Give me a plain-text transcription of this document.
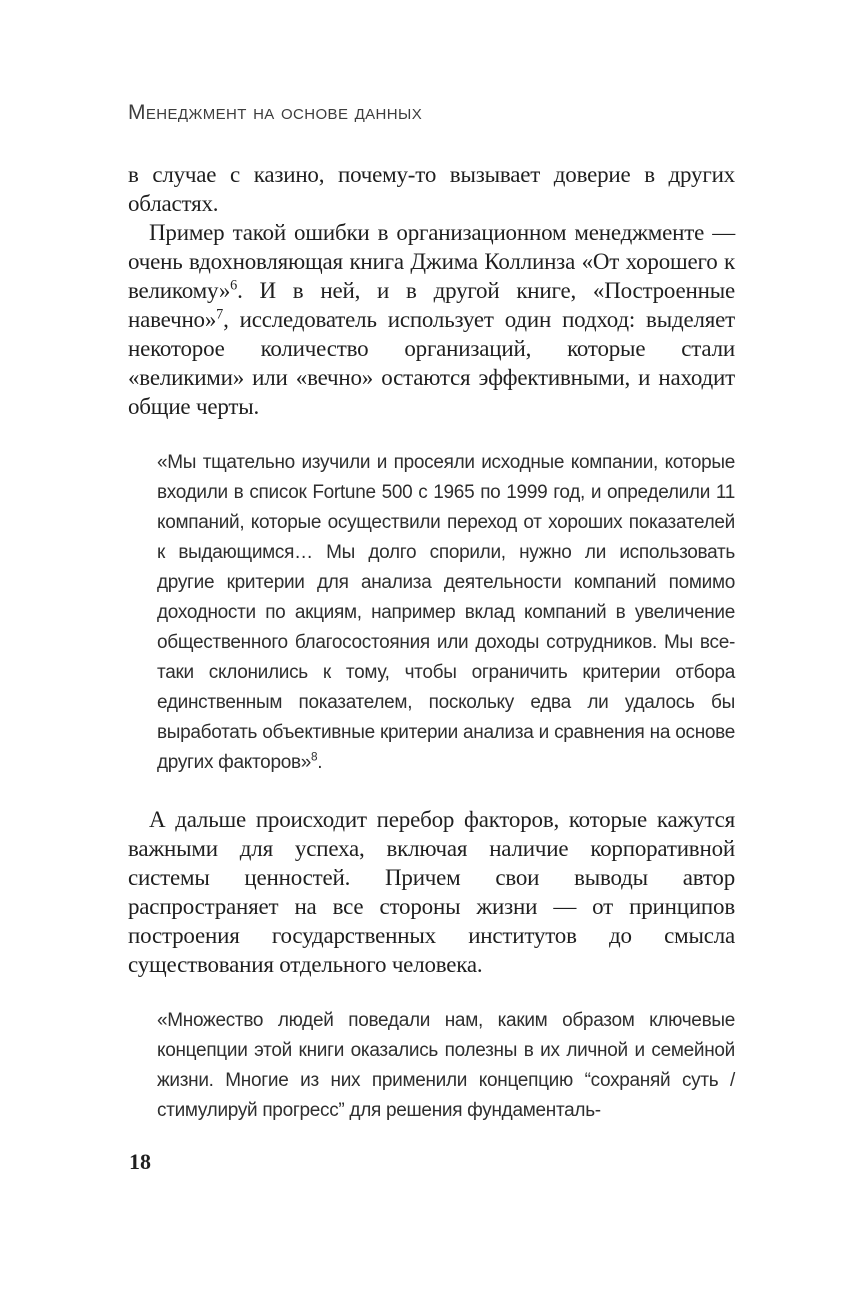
Менеджмент на основе данных

в случае с казино, почему-то вызывает доверие в других областях.

Пример такой ошибки в организационном менеджменте — очень вдохновляющая книга Джима Коллинза «От хорошего к великому»$^6$. И в ней, и в другой книге, «Построенные навечно»$^7$, исследователь использует один подход: выделяет некоторое количество организаций, которые стали «великими» или «вечно» остаются эффективными, и находит общие черты.

«Мы тщательно изучили и просеяли исходные компании, которые входили в список Fortune 500 с 1965 по 1999 год, и определили 11 компаний, которые осуществили переход от хороших показателей к выдающимся… Мы долго спорили, нужно ли использовать другие критерии для анализа деятельности компаний помимо доходности по акциям, например вклад компаний в увеличение общественного благосостояния или доходы сотрудников. Мы все-таки склонились к тому, чтобы ограничить критерии отбора единственным показателем, поскольку едва ли удалось бы выработать объективные критерии анализа и сравнения на основе других факторов»$^8$.

А дальше происходит перебор факторов, которые кажутся важными для успеха, включая наличие корпоративной системы ценностей. Причем свои выводы автор распространяет на все стороны жизни — от принципов построения государственных институтов до смысла существования отдельного человека.

«Множество людей поведали нам, каким образом ключевые концепции этой книги оказались полезны в их личной и семейной жизни. Многие из них применили концепцию “сохраняй суть / стимулируй прогресс” для решения фундаменталь-
18
